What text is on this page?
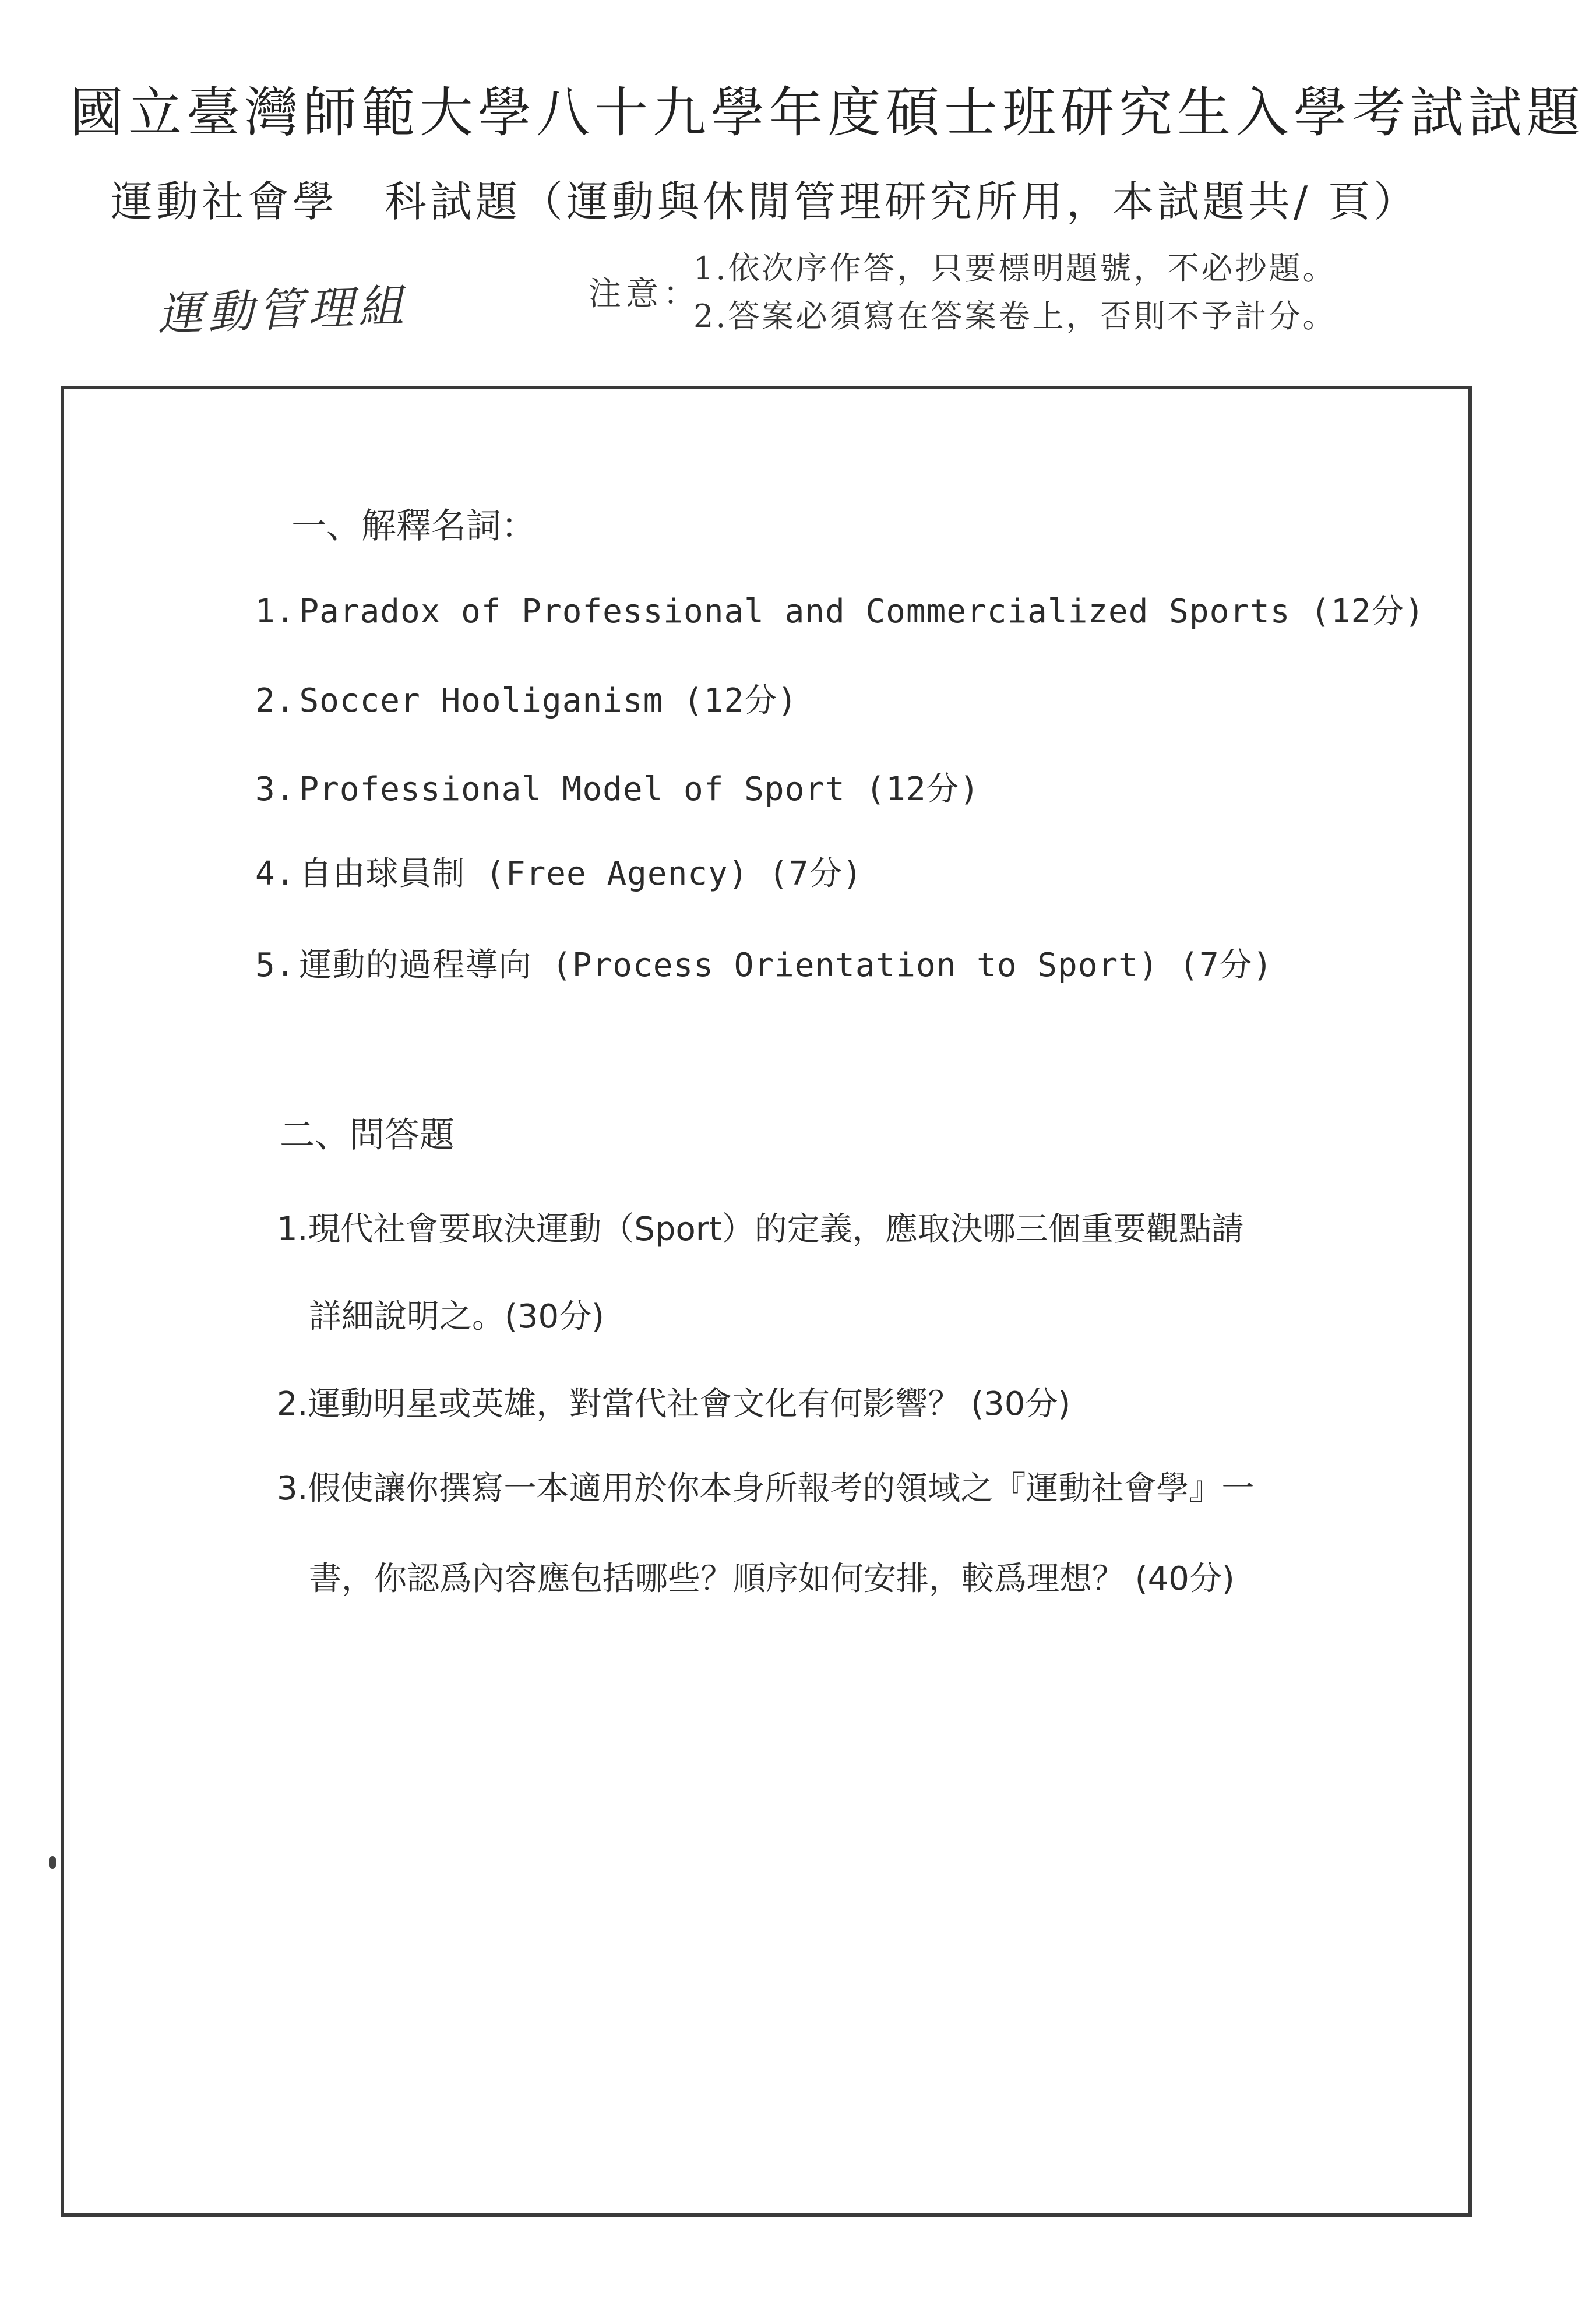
國立臺灣師範大學八十九學年度碩士班研究生入學考試試題
運動社會學 科試題（運動與休閒管理研究所用，本試題共/ 頁）
運動管理組	注意：
1.依次序作答，只要標明題號，不必抄題。
2.答案必須寫在答案卷上，否則不予計分。
一、解釋名詞：
1. Paradox of Professional and Commercialized Sports (12分)
2. Soccer Hooliganism (12分)
3. Professional Model of Sport (12分)
4. 自由球員制 (Free Agency) (7分)
5. 運動的過程導向 (Process Orientation to Sport) (7分)
二、問答題
1.現代社會要取決運動（Sport）的定義，應取決哪三個重要觀點請
詳細說明之。(30分)
2.運動明星或英雄，對當代社會文化有何影響？ (30分)
3.假使讓你撰寫一本適用於你本身所報考的領域之『運動社會學』一
書，你認爲內容應包括哪些？順序如何安排，較爲理想？ (40分)
